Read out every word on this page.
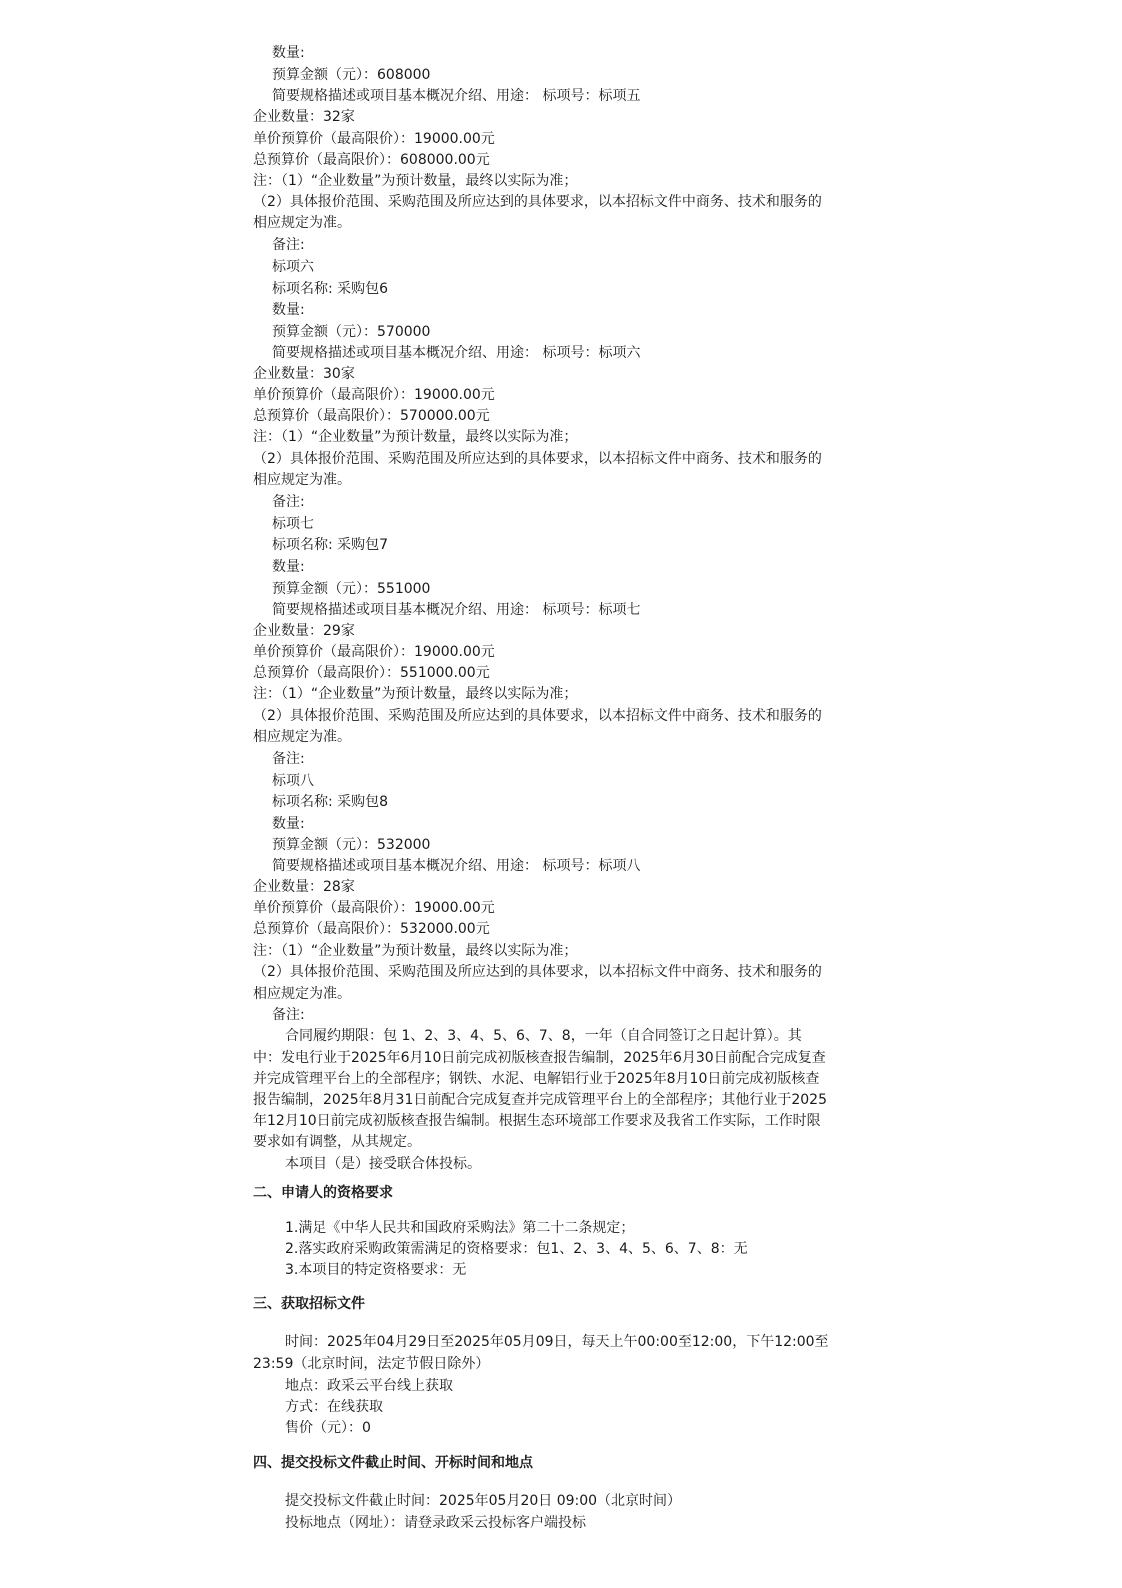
数量:
预算金额（元）：608000
简要规格描述或项目基本概况介绍、用途： 标项号：标项五
企业数量：32家
单价预算价（最高限价）：19000.00元
总预算价（最高限价）：608000.00元
注：（1）“企业数量”为预计数量，最终以实际为准；
（2）具体报价范围、采购范围及所应达到的具体要求，以本招标文件中商务、技术和服务的
相应规定为准。
备注:
标项六
标项名称: 采购包6
数量:
预算金额（元）：570000
简要规格描述或项目基本概况介绍、用途： 标项号：标项六
企业数量：30家
单价预算价（最高限价）：19000.00元
总预算价（最高限价）：570000.00元
注：（1）“企业数量”为预计数量，最终以实际为准；
（2）具体报价范围、采购范围及所应达到的具体要求，以本招标文件中商务、技术和服务的
相应规定为准。
备注:
标项七
标项名称: 采购包7
数量:
预算金额（元）：551000
简要规格描述或项目基本概况介绍、用途： 标项号：标项七
企业数量：29家
单价预算价（最高限价）：19000.00元
总预算价（最高限价）：551000.00元
注：（1）“企业数量”为预计数量，最终以实际为准；
（2）具体报价范围、采购范围及所应达到的具体要求，以本招标文件中商务、技术和服务的
相应规定为准。
备注:
标项八
标项名称: 采购包8
数量:
预算金额（元）：532000
简要规格描述或项目基本概况介绍、用途： 标项号：标项八
企业数量：28家
单价预算价（最高限价）：19000.00元
总预算价（最高限价）：532000.00元
注：（1）“企业数量”为预计数量，最终以实际为准；
（2）具体报价范围、采购范围及所应达到的具体要求，以本招标文件中商务、技术和服务的
相应规定为准。
备注:
合同履约期限：包 1、2、3、4、5、6、7、8，一年（自合同签订之日起计算）。其
中：发电行业于2025年6月10日前完成初版核查报告编制，2025年6月30日前配合完成复查
并完成管理平台上的全部程序；钢铁、水泥、电解铝行业于2025年8月10日前完成初版核查
报告编制，2025年8月31日前配合完成复查并完成管理平台上的全部程序；其他行业于2025
年12月10日前完成初版核查报告编制。根据生态环境部工作要求及我省工作实际，工作时限
要求如有调整，从其规定。
本项目（是）接受联合体投标。
二、申请人的资格要求
1.满足《中华人民共和国政府采购法》第二十二条规定；
2.落实政府采购政策需满足的资格要求：包1、2、3、4、5、6、7、8：无
3.本项目的特定资格要求：无
三、获取招标文件
时间：2025年04月29日至2025年05月09日，每天上午00:00至12:00，下午12:00至
23:59（北京时间，法定节假日除外）
地点：政采云平台线上获取
方式：在线获取
售价（元）：0
四、提交投标文件截止时间、开标时间和地点
提交投标文件截止时间：2025年05月20日 09:00（北京时间）
投标地点（网址）：请登录政采云投标客户端投标
